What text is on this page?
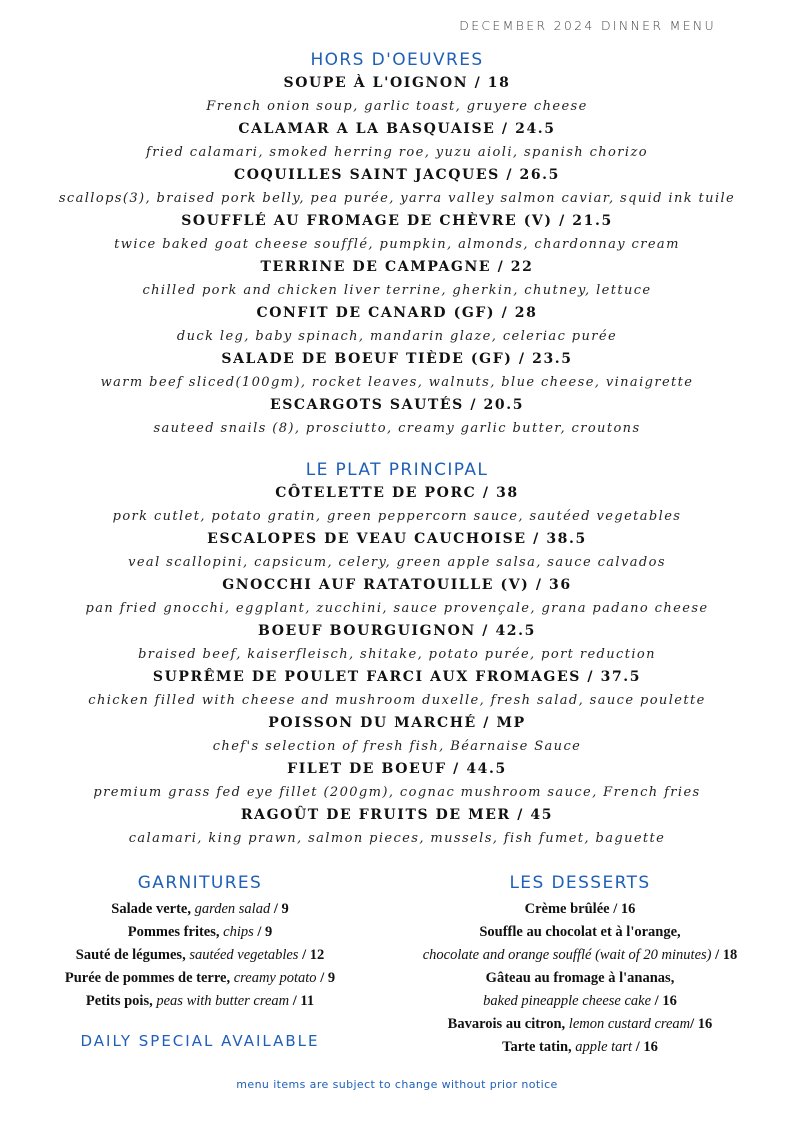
DECEMBER 2024 DINNER MENU
HORS D'OEUVRES
SOUPE À L'OIGNON / 18
French onion soup, garlic toast, gruyere cheese
CALAMAR A LA BASQUAISE / 24.5
fried calamari, smoked herring roe, yuzu aioli, spanish chorizo
COQUILLES SAINT JACQUES / 26.5
scallops(3), braised pork belly, pea purée, yarra valley salmon caviar, squid ink tuile
SOUFFLÉ AU FROMAGE DE CHÈVRE (V) / 21.5
twice baked goat cheese soufflé, pumpkin, almonds, chardonnay cream
TERRINE DE CAMPAGNE / 22
chilled pork and chicken liver terrine, gherkin, chutney, lettuce
CONFIT DE CANARD (GF) / 28
duck leg, baby spinach, mandarin glaze, celeriac purée
SALADE DE BOEUF TIÈDE (GF) / 23.5
warm beef sliced(100gm), rocket leaves, walnuts, blue cheese, vinaigrette
ESCARGOTS SAUTÉS / 20.5
sauteed snails (8), prosciutto, creamy garlic butter, croutons
LE PLAT PRINCIPAL
CÔTELETTE DE PORC / 38
pork cutlet, potato gratin, green peppercorn sauce, sautéed vegetables
ESCALOPES DE VEAU CAUCHOISE / 38.5
veal scallopini, capsicum, celery, green apple salsa, sauce calvados
GNOCCHI AUF RATATOUILLE (V) / 36
pan fried gnocchi, eggplant, zucchini, sauce provençale, grana padano cheese
BOEUF BOURGUIGNON / 42.5
braised beef, kaiserfleisch, shitake, potato purée, port reduction
SUPRÊME DE POULET FARCI AUX FROMAGES / 37.5
chicken filled with cheese and mushroom duxelle, fresh salad, sauce poulette
POISSON DU MARCHÉ / MP
chef's selection of fresh fish, Béarnaise Sauce
FILET DE BOEUF / 44.5
premium grass fed eye fillet (200gm), cognac mushroom sauce, French fries
RAGOÛT DE FRUITS DE MER / 45
calamari, king prawn, salmon pieces, mussels, fish fumet, baguette
GARNITURES
Salade verte, garden salad / 9
Pommes frites, chips / 9
Sauté de légumes, sautéed vegetables / 12
Purée de pommes de terre, creamy potato / 9
Petits pois, peas with butter cream / 11
DAILY SPECIAL AVAILABLE
LES DESSERTS
Crème brûlée / 16
Souffle au chocolat et à l'orange,
chocolate and orange soufflé (wait of 20 minutes) / 18
Gâteau au fromage à l'ananas,
baked pineapple cheese cake / 16
Bavarois au citron, lemon custard cream/ 16
Tarte tatin, apple tart / 16
menu items are subject to change without prior notice
